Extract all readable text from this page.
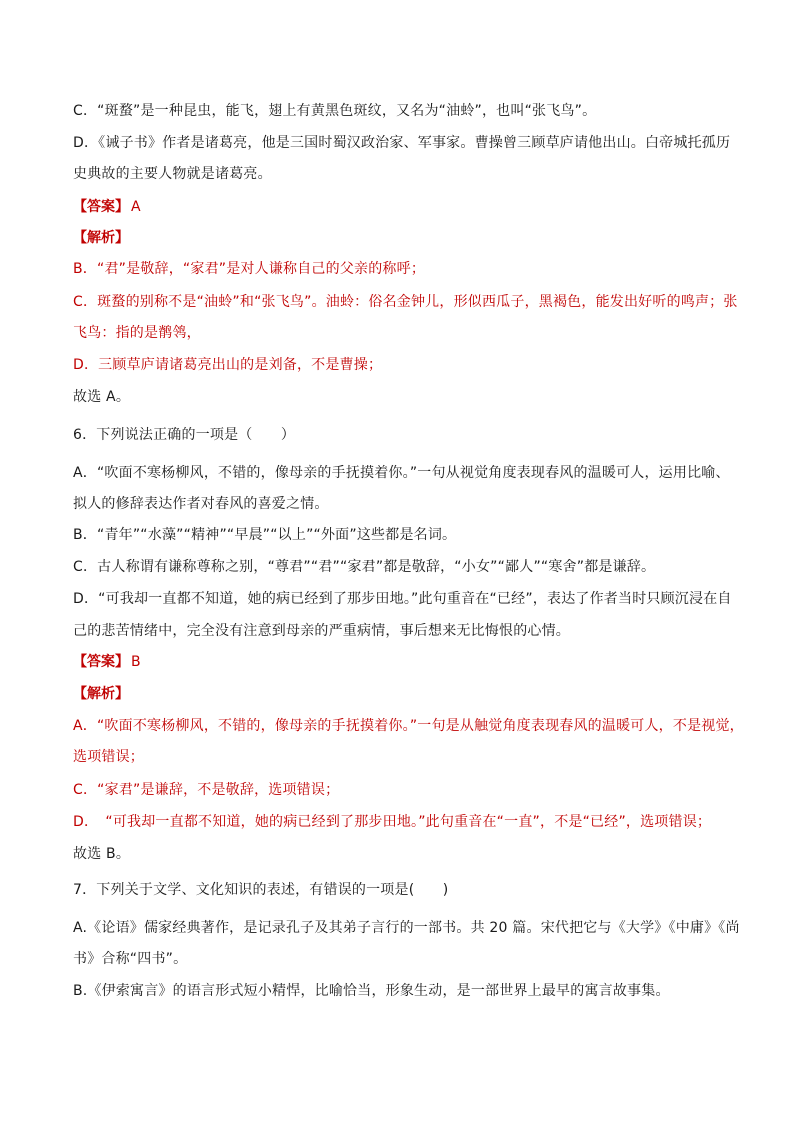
C．“斑蝥”是一种昆虫，能飞，翅上有黄黑色斑纹，又名为“油蛉”，也叫“张飞鸟”。
D．《诫子书》作者是诸葛亮，他是三国时蜀汉政治家、军事家。曹操曾三顾草庐请他出山。白帝城托孤历
史典故的主要人物就是诸葛亮。
【答案】 A
【解析】
B．“君”是敬辞，“家君”是对人谦称自己的父亲的称呼；
C．斑蝥的别称不是“油蛉”和“张飞鸟”。油蛉：俗名金钟儿，形似西瓜子，黑褐色，能发出好听的鸣声；张
飞鸟：指的是鹡鸰，
D．三顾草庐请诸葛亮出山的是刘备，不是曹操；
故选 A。
6．下列说法正确的一项是（　　）
A．“吹面不寒杨柳风，不错的，像母亲的手抚摸着你。”一句从视觉角度表现春风的温暖可人，运用比喻、
拟人的修辞表达作者对春风的喜爱之情。
B．“青年”“水藻”“精神”“早晨”“以上”“外面”这些都是名词。
C．古人称谓有谦称尊称之别，“尊君”“君”“家君”都是敬辞，“小女”“鄙人”“寒舍”都是谦辞。
D．“可我却一直都不知道，她的病已经到了那步田地。”此句重音在“已经”，表达了作者当时只顾沉浸在自
己的悲苦情绪中，完全没有注意到母亲的严重病情，事后想来无比悔恨的心情。
【答案】 B
【解析】
A．“吹面不寒杨柳风，不错的，像母亲的手抚摸着你。”一句是从触觉角度表现春风的温暖可人，不是视觉，
选项错误；
C．“家君”是谦辞，不是敬辞，选项错误；
D．　“可我却一直都不知道，她的病已经到了那步田地。”此句重音在“一直”，不是“已经”，选项错误；
故选 B。
7．下列关于文学、文化知识的表述，有错误的一项是(　　)
A.《论语》儒家经典著作，是记录孔子及其弟子言行的一部书。共 20 篇。宋代把它与《大学》《中庸》《尚
书》合称“四书”。
B.《伊索寓言》的语言形式短小精悍，比喻恰当，形象生动，是一部世界上最早的寓言故事集。
